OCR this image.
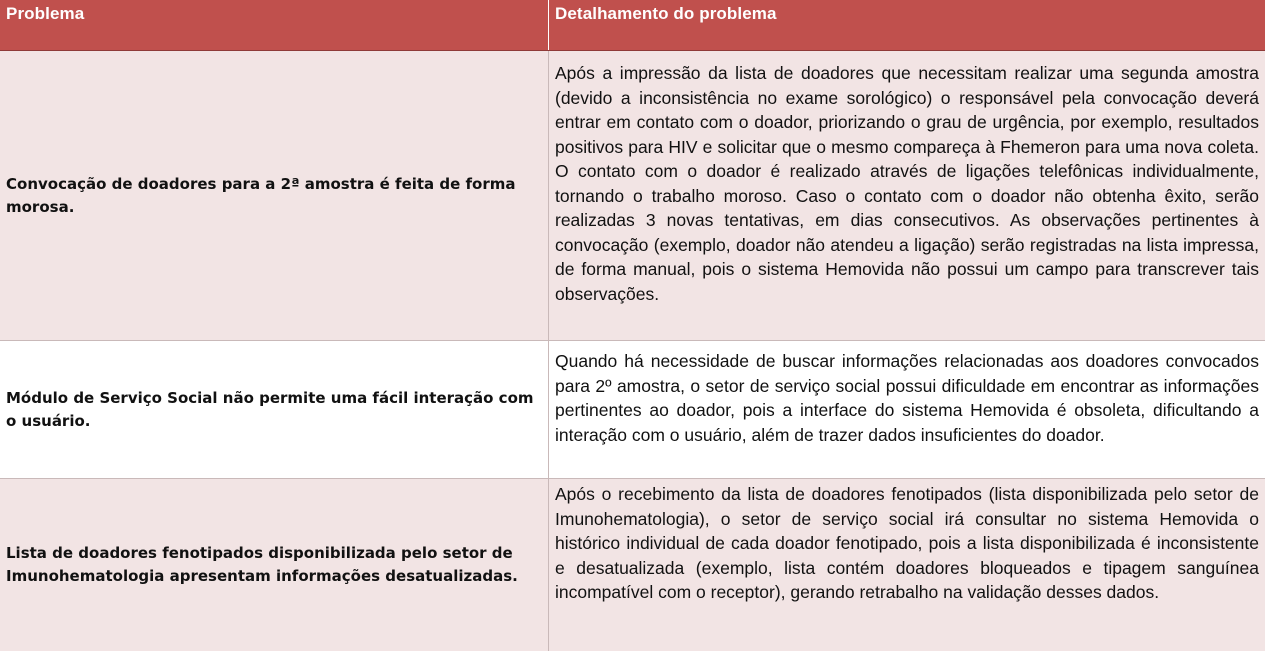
Problema	Detalhamento do problema
Convocação de doadores para a 2ª amostra é feita de forma morosa.
Após a impressão da lista de doadores que necessitam realizar uma segunda amostra (devido a inconsistência no exame sorológico) o responsável pela convocação deverá entrar em contato com o doador, priorizando o grau de urgência, por exemplo, resultados positivos para HIV e solicitar que o mesmo compareça à Fhemeron para uma nova coleta. O contato com o doador é realizado através de ligações telefônicas individualmente, tornando o trabalho moroso. Caso o contato com o doador não obtenha êxito, serão realizadas 3 novas tentativas, em dias consecutivos. As observações pertinentes à convocação (exemplo, doador não atendeu a ligação) serão registradas na lista impressa, de forma manual, pois o sistema Hemovida não possui um campo para transcrever tais observações.
Módulo de Serviço Social não permite uma fácil interação com o usuário.
Quando há necessidade de buscar informações relacionadas aos doadores convocados para 2º amostra, o setor de serviço social possui dificuldade em encontrar as informações pertinentes ao doador, pois a interface do sistema Hemovida é obsoleta, dificultando a interação com o usuário, além de trazer dados insuficientes do doador.
Lista de doadores fenotipados disponibilizada pelo setor de Imunohematologia apresentam informações desatualizadas.
Após o recebimento da lista de doadores fenotipados (lista disponibilizada pelo setor de Imunohematologia), o setor de serviço social irá consultar no sistema Hemovida o histórico individual de cada doador fenotipado, pois a lista disponibilizada é inconsistente e desatualizada (exemplo, lista contém doadores bloqueados e tipagem sanguínea incompatível com o receptor), gerando retrabalho na validação desses dados.
